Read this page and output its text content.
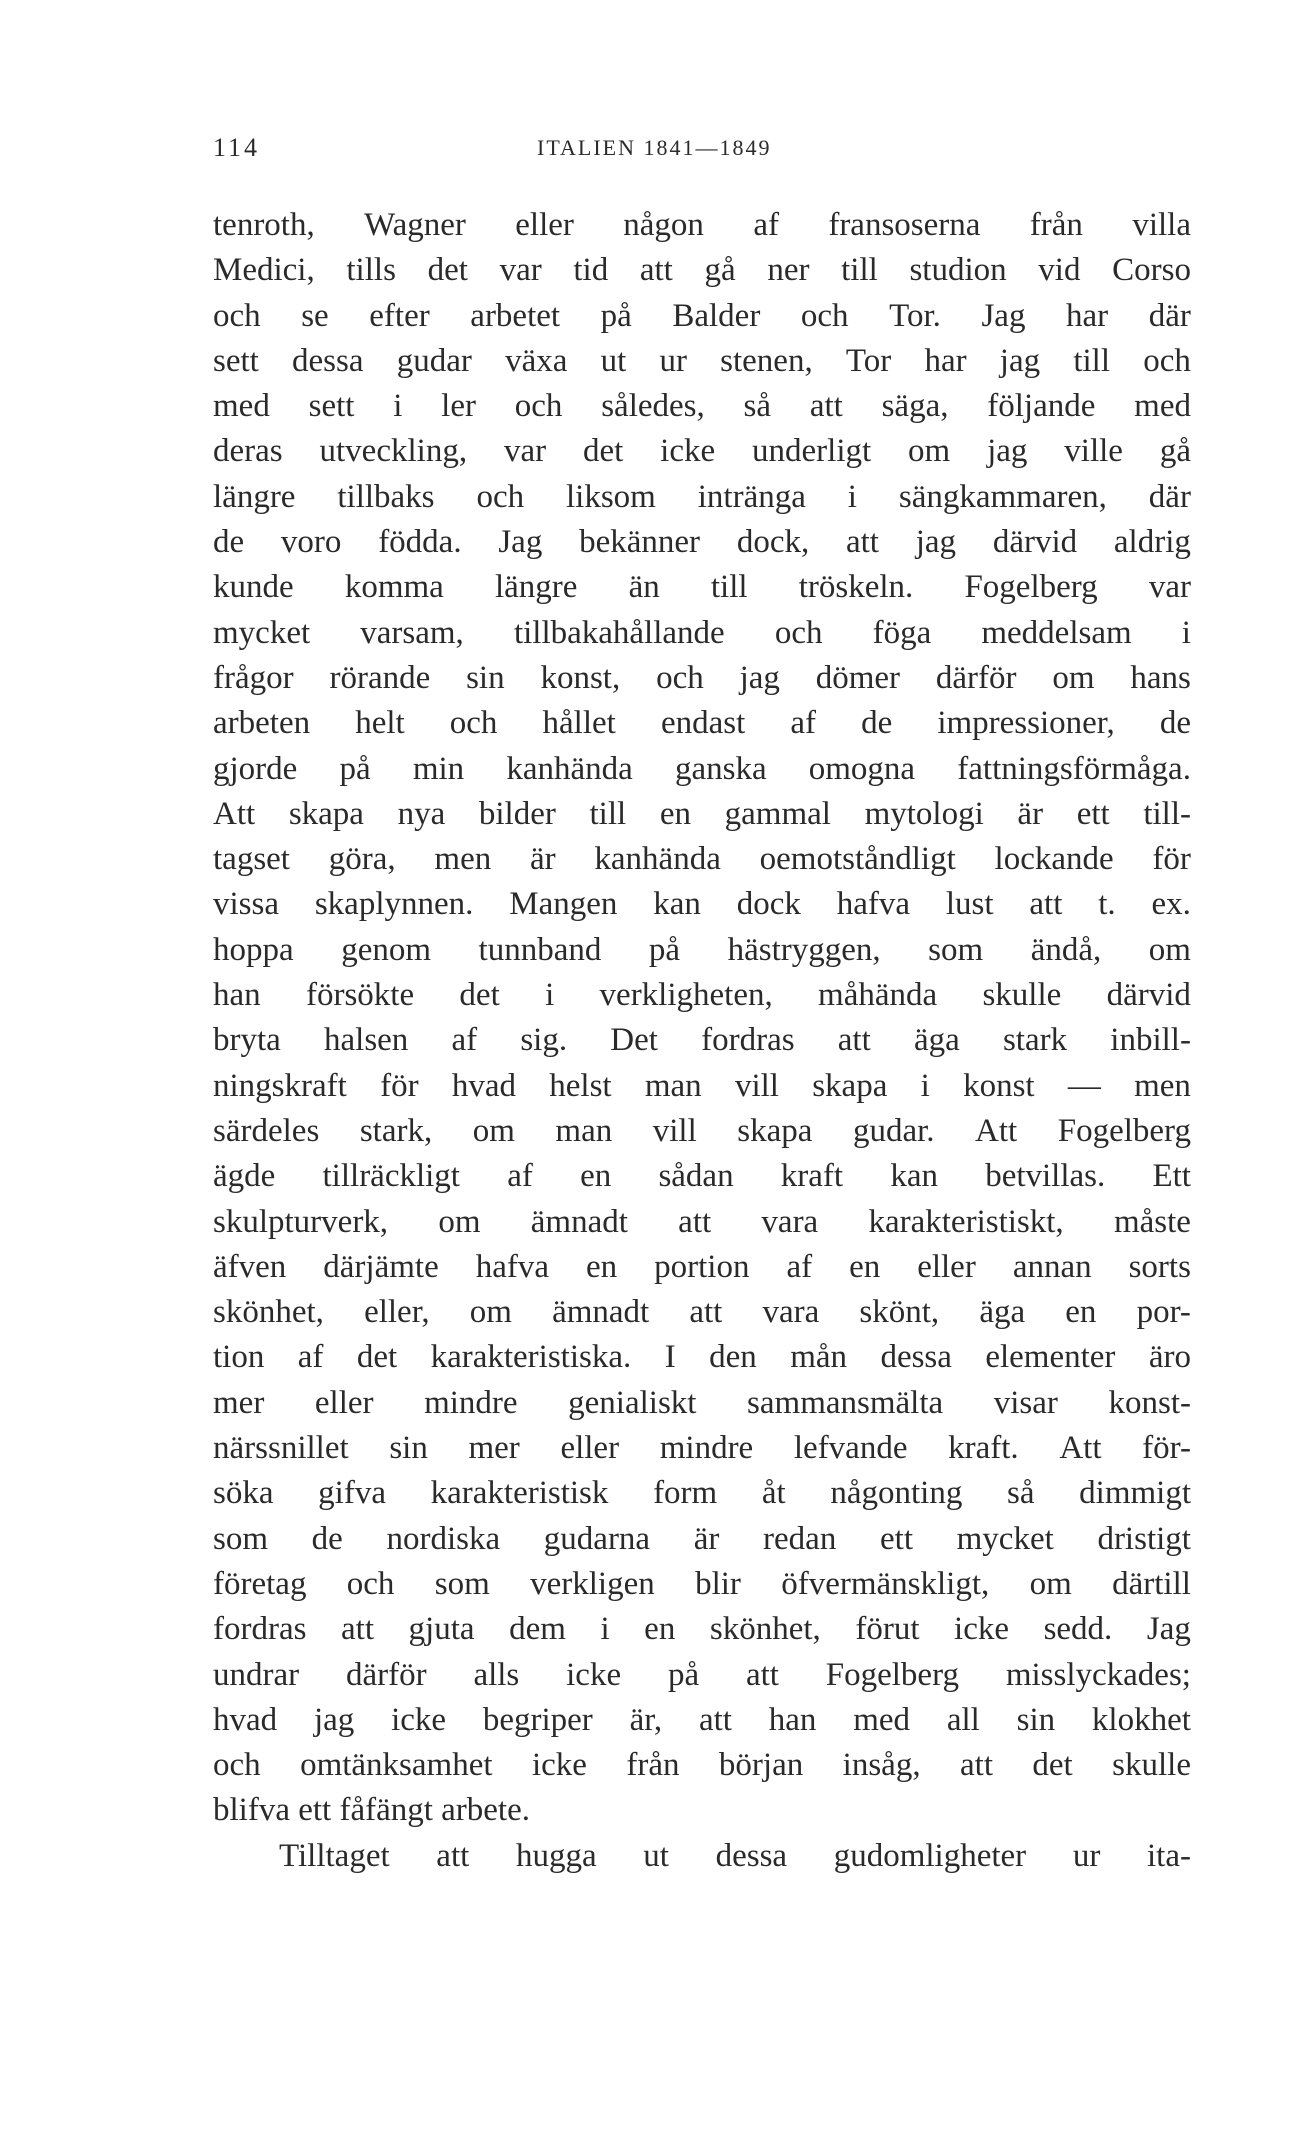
114	ITALIEN 1841—1849
tenroth, Wagner eller någon af fransoserna från villa
Medici, tills det var tid att gå ner till studion vid Corso
och se efter arbetet på Balder och Tor. Jag har där
sett dessa gudar växa ut ur stenen, Tor har jag till och
med sett i ler och således, så att säga, följande med
deras utveckling, var det icke underligt om jag ville gå
längre tillbaks och liksom intränga i sängkammaren, där
de voro födda. Jag bekänner dock, att jag därvid aldrig
kunde komma längre än till tröskeln. Fogelberg var
mycket varsam, tillbakahållande och föga meddelsam i
frågor rörande sin konst, och jag dömer därför om hans
arbeten helt och hållet endast af de impressioner, de
gjorde på min kanhända ganska omogna fattningsförmåga.
Att skapa nya bilder till en gammal mytologi är ett till-
tagset göra, men är kanhända oemotståndligt lockande för
vissa skaplynnen. Mangen kan dock hafva lust att t. ex.
hoppa genom tunnband på hästryggen, som ändå, om
han försökte det i verkligheten, måhända skulle därvid
bryta halsen af sig. Det fordras att äga stark inbill-
ningskraft för hvad helst man vill skapa i konst — men
särdeles stark, om man vill skapa gudar. Att Fogelberg
ägde tillräckligt af en sådan kraft kan betvillas. Ett
skulpturverk, om ämnadt att vara karakteristiskt, måste
äfven därjämte hafva en portion af en eller annan sorts
skönhet, eller, om ämnadt att vara skönt, äga en por-
tion af det karakteristiska. I den mån dessa elementer äro
mer eller mindre genialiskt sammansmälta visar konst-
närssnillet sin mer eller mindre lefvande kraft. Att för-
söka gifva karakteristisk form åt någonting så dimmigt
som de nordiska gudarna är redan ett mycket dristigt
företag och som verkligen blir öfvermänskligt, om därtill
fordras att gjuta dem i en skönhet, förut icke sedd. Jag
undrar därför alls icke på att Fogelberg misslyckades;
hvad jag icke begriper är, att han med all sin klokhet
och omtänksamhet icke från början insåg, att det skulle
blifva ett fåfängt arbete.
Tilltaget att hugga ut dessa gudomligheter ur ita-
